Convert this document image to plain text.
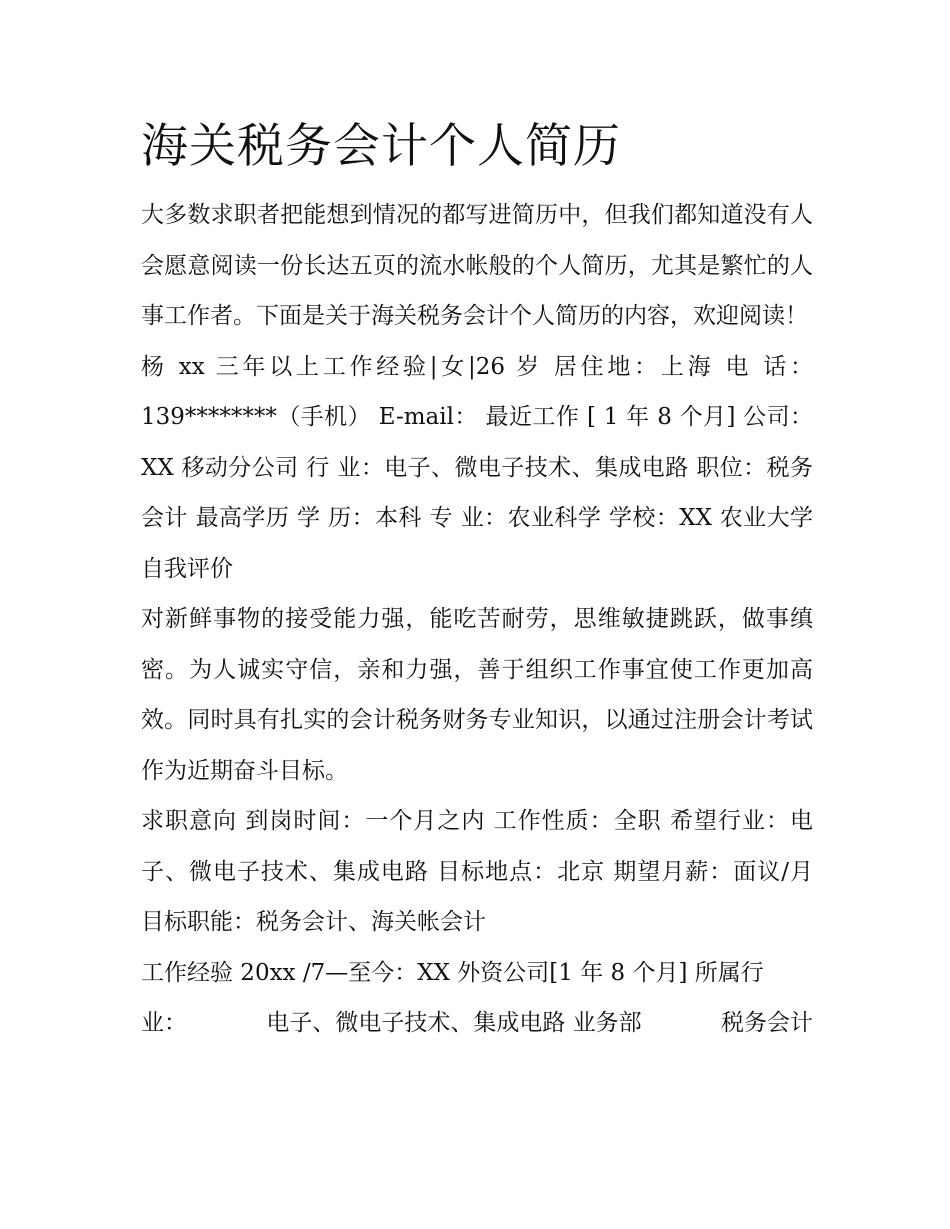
海关税务会计个人简历

大多数求职者把能想到情况的都写进简历中，但我们都知道没有人会愿意阅读一份长达五页的流水帐般的个人简历，尤其是繁忙的人事工作者。下面是关于海关税务会计个人简历的内容，欢迎阅读！

杨 xx 三年以上工作经验|女|26 岁 居住地：上海 电 话：139********（手机） E-mail： 最近工作 [ 1 年 8 个月] 公司：XX 移动分公司 行 业：电子、微电子技术、集成电路 职位：税务会计 最高学历 学 历：本科 专 业：农业科学 学校：XX 农业大学 自我评价

对新鲜事物的接受能力强，能吃苦耐劳，思维敏捷跳跃，做事缜密。为人诚实守信，亲和力强，善于组织工作事宜使工作更加高效。同时具有扎实的会计税务财务专业知识，以通过注册会计考试作为近期奋斗目标。

求职意向 到岗时间：一个月之内 工作性质：全职 希望行业：电子、微电子技术、集成电路 目标地点：北京 期望月薪：面议/月 目标职能：税务会计、海关帐会计

工作经验 20xx /7—至今：XX 外资公司[1 年 8 个月] 所属行

业：	电子、微电子技术、集成电路 业务部	税务会计
